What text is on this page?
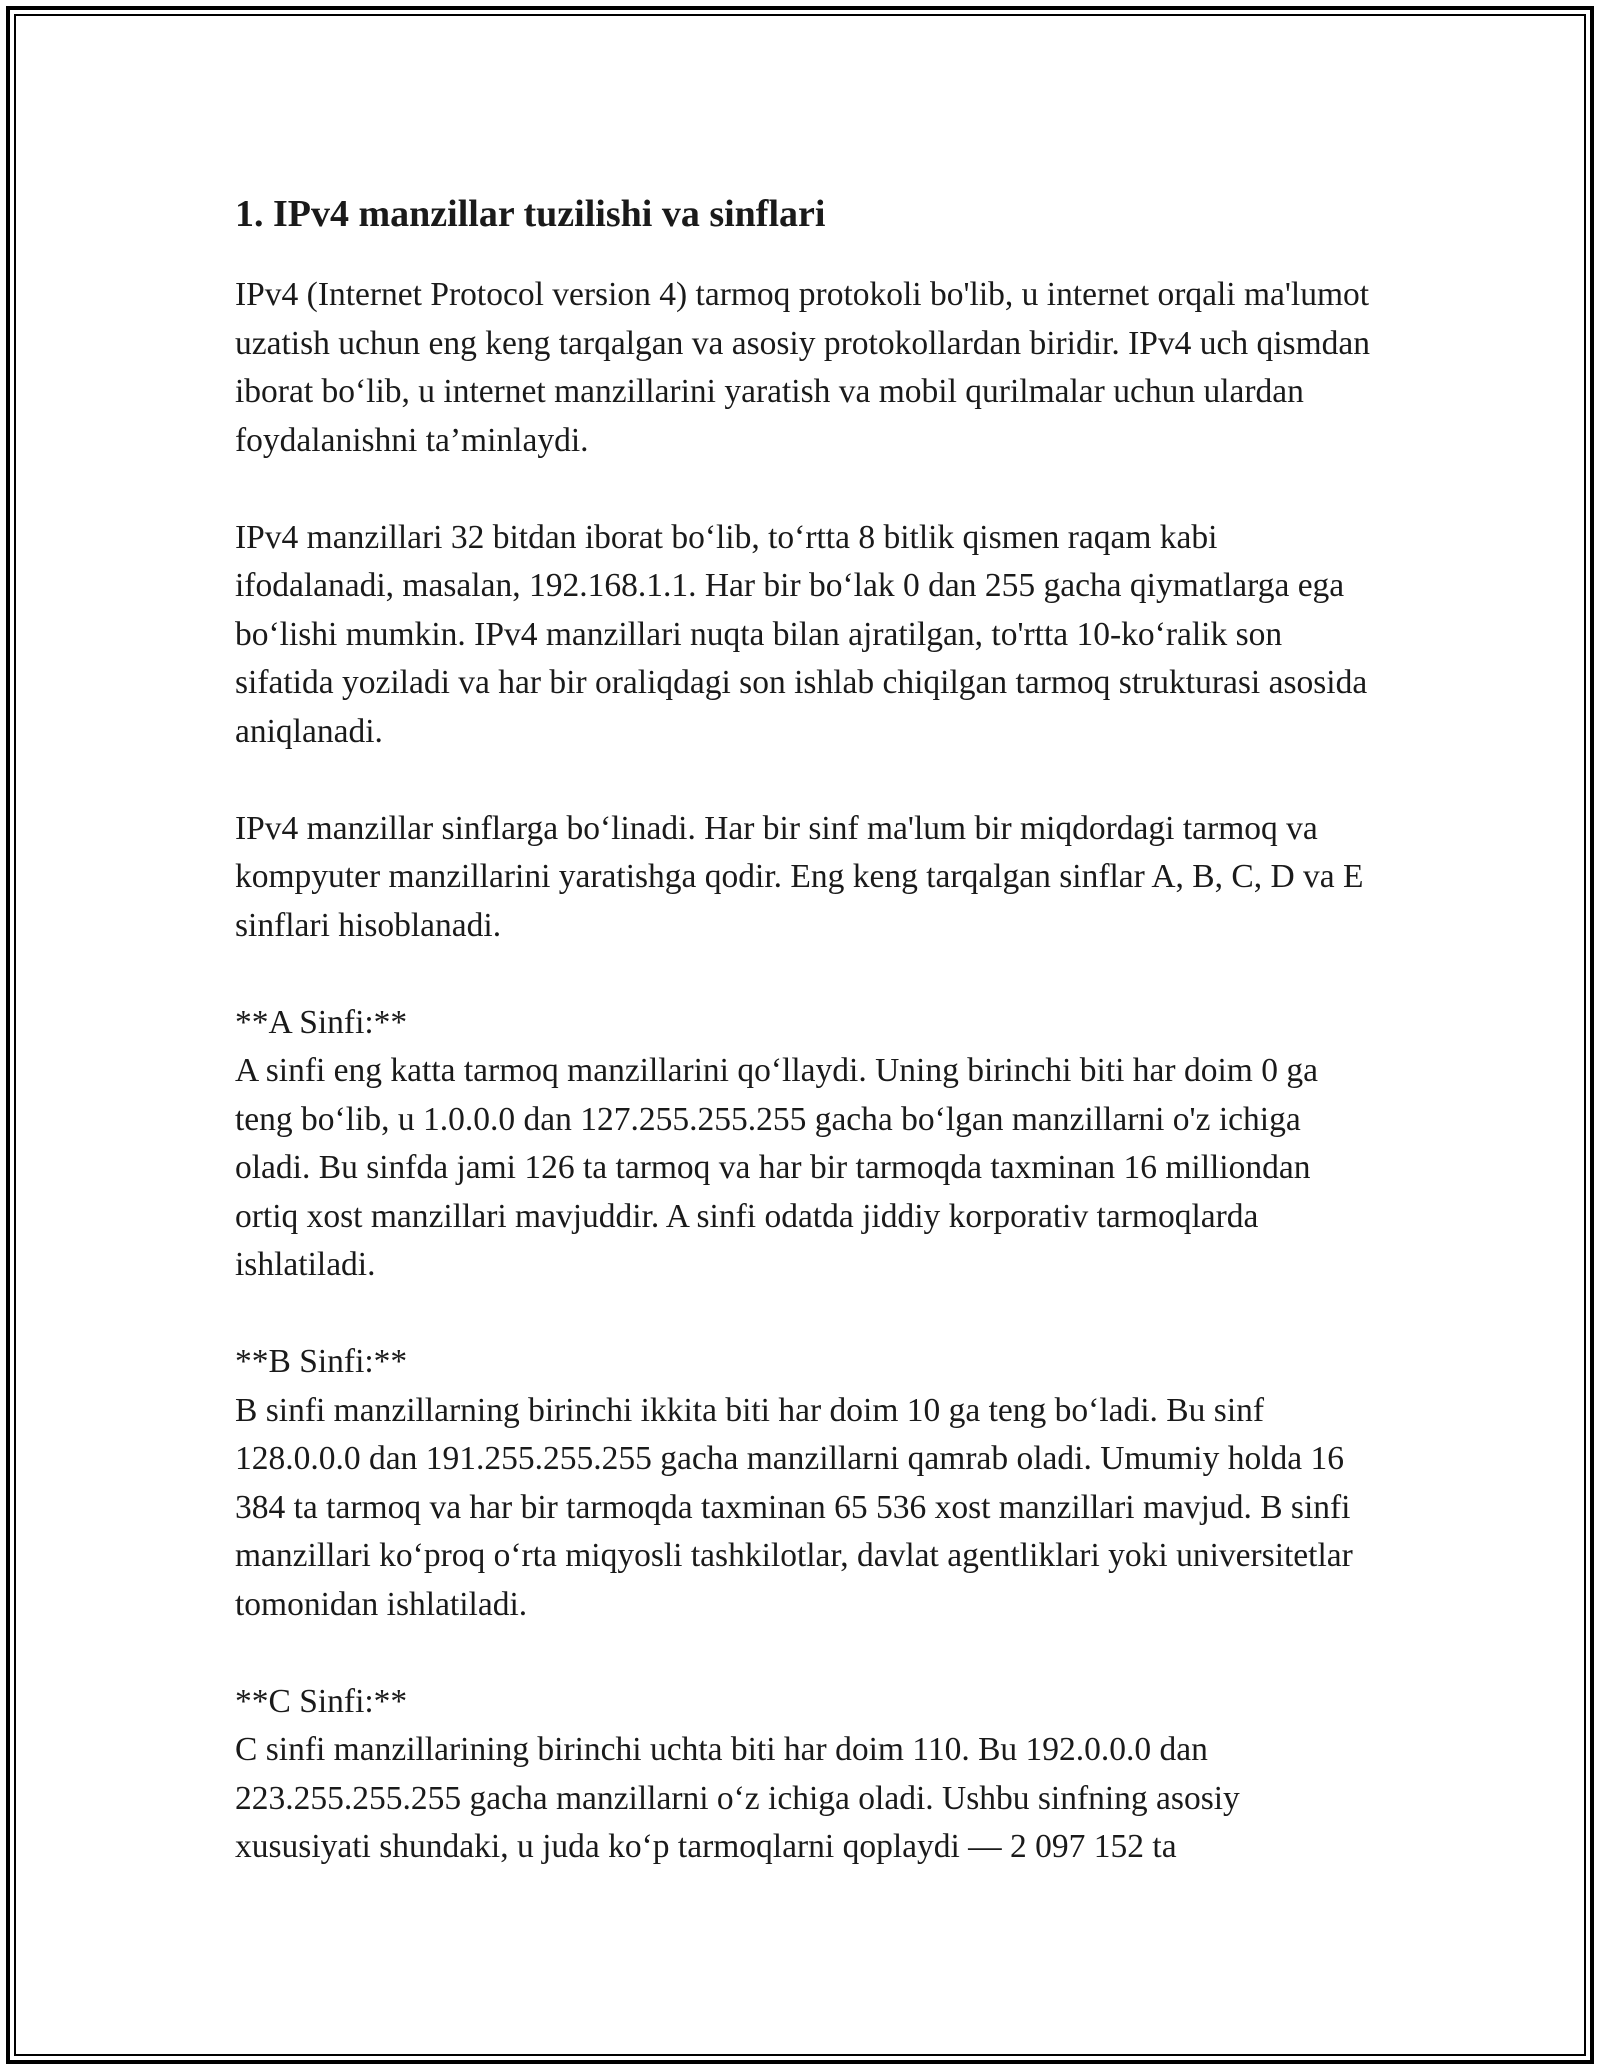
1. IPv4 manzillar tuzilishi va sinflari

IPv4 (Internet Protocol version 4) tarmoq protokoli bo'lib, u internet orqali ma'lumot uzatish uchun eng keng tarqalgan va asosiy protokollardan biridir. IPv4 uch qismdan iborat bo‘lib, u internet manzillarini yaratish va mobil qurilmalar uchun ulardan foydalanishni ta’minlaydi.

IPv4 manzillari 32 bitdan iborat bo‘lib, to‘rtta 8 bitlik qismen raqam kabi ifodalanadi, masalan, 192.168.1.1. Har bir bo‘lak 0 dan 255 gacha qiymatlarga ega bo‘lishi mumkin. IPv4 manzillari nuqta bilan ajratilgan, to'rtta 10-ko‘ralik son sifatida yoziladi va har bir oraliqdagi son ishlab chiqilgan tarmoq strukturasi asosida aniqlanadi.

IPv4 manzillar sinflarga bo‘linadi. Har bir sinf ma'lum bir miqdordagi tarmoq va kompyuter manzillarini yaratishga qodir. Eng keng tarqalgan sinflar A, B, C, D va E sinflari hisoblanadi.

**A Sinfi:**
A sinfi eng katta tarmoq manzillarini qo‘llaydi. Uning birinchi biti har doim 0 ga teng bo‘lib, u 1.0.0.0 dan 127.255.255.255 gacha bo‘lgan manzillarni o'z ichiga oladi. Bu sinfda jami 126 ta tarmoq va har bir tarmoqda taxminan 16 milliondan ortiq xost manzillari mavjuddir. A sinfi odatda jiddiy korporativ tarmoqlarda ishlatiladi.

**B Sinfi:**
B sinfi manzillarning birinchi ikkita biti har doim 10 ga teng bo‘ladi. Bu sinf 128.0.0.0 dan 191.255.255.255 gacha manzillarni qamrab oladi. Umumiy holda 16 384 ta tarmoq va har bir tarmoqda taxminan 65 536 xost manzillari mavjud. B sinfi manzillari ko‘proq o‘rta miqyosli tashkilotlar, davlat agentliklari yoki universitetlar tomonidan ishlatiladi.

**C Sinfi:**
C sinfi manzillarining birinchi uchta biti har doim 110. Bu 192.0.0.0 dan 223.255.255.255 gacha manzillarni o‘z ichiga oladi. Ushbu sinfning asosiy xususiyati shundaki, u juda ko‘p tarmoqlarni qoplaydi — 2 097 152 ta
